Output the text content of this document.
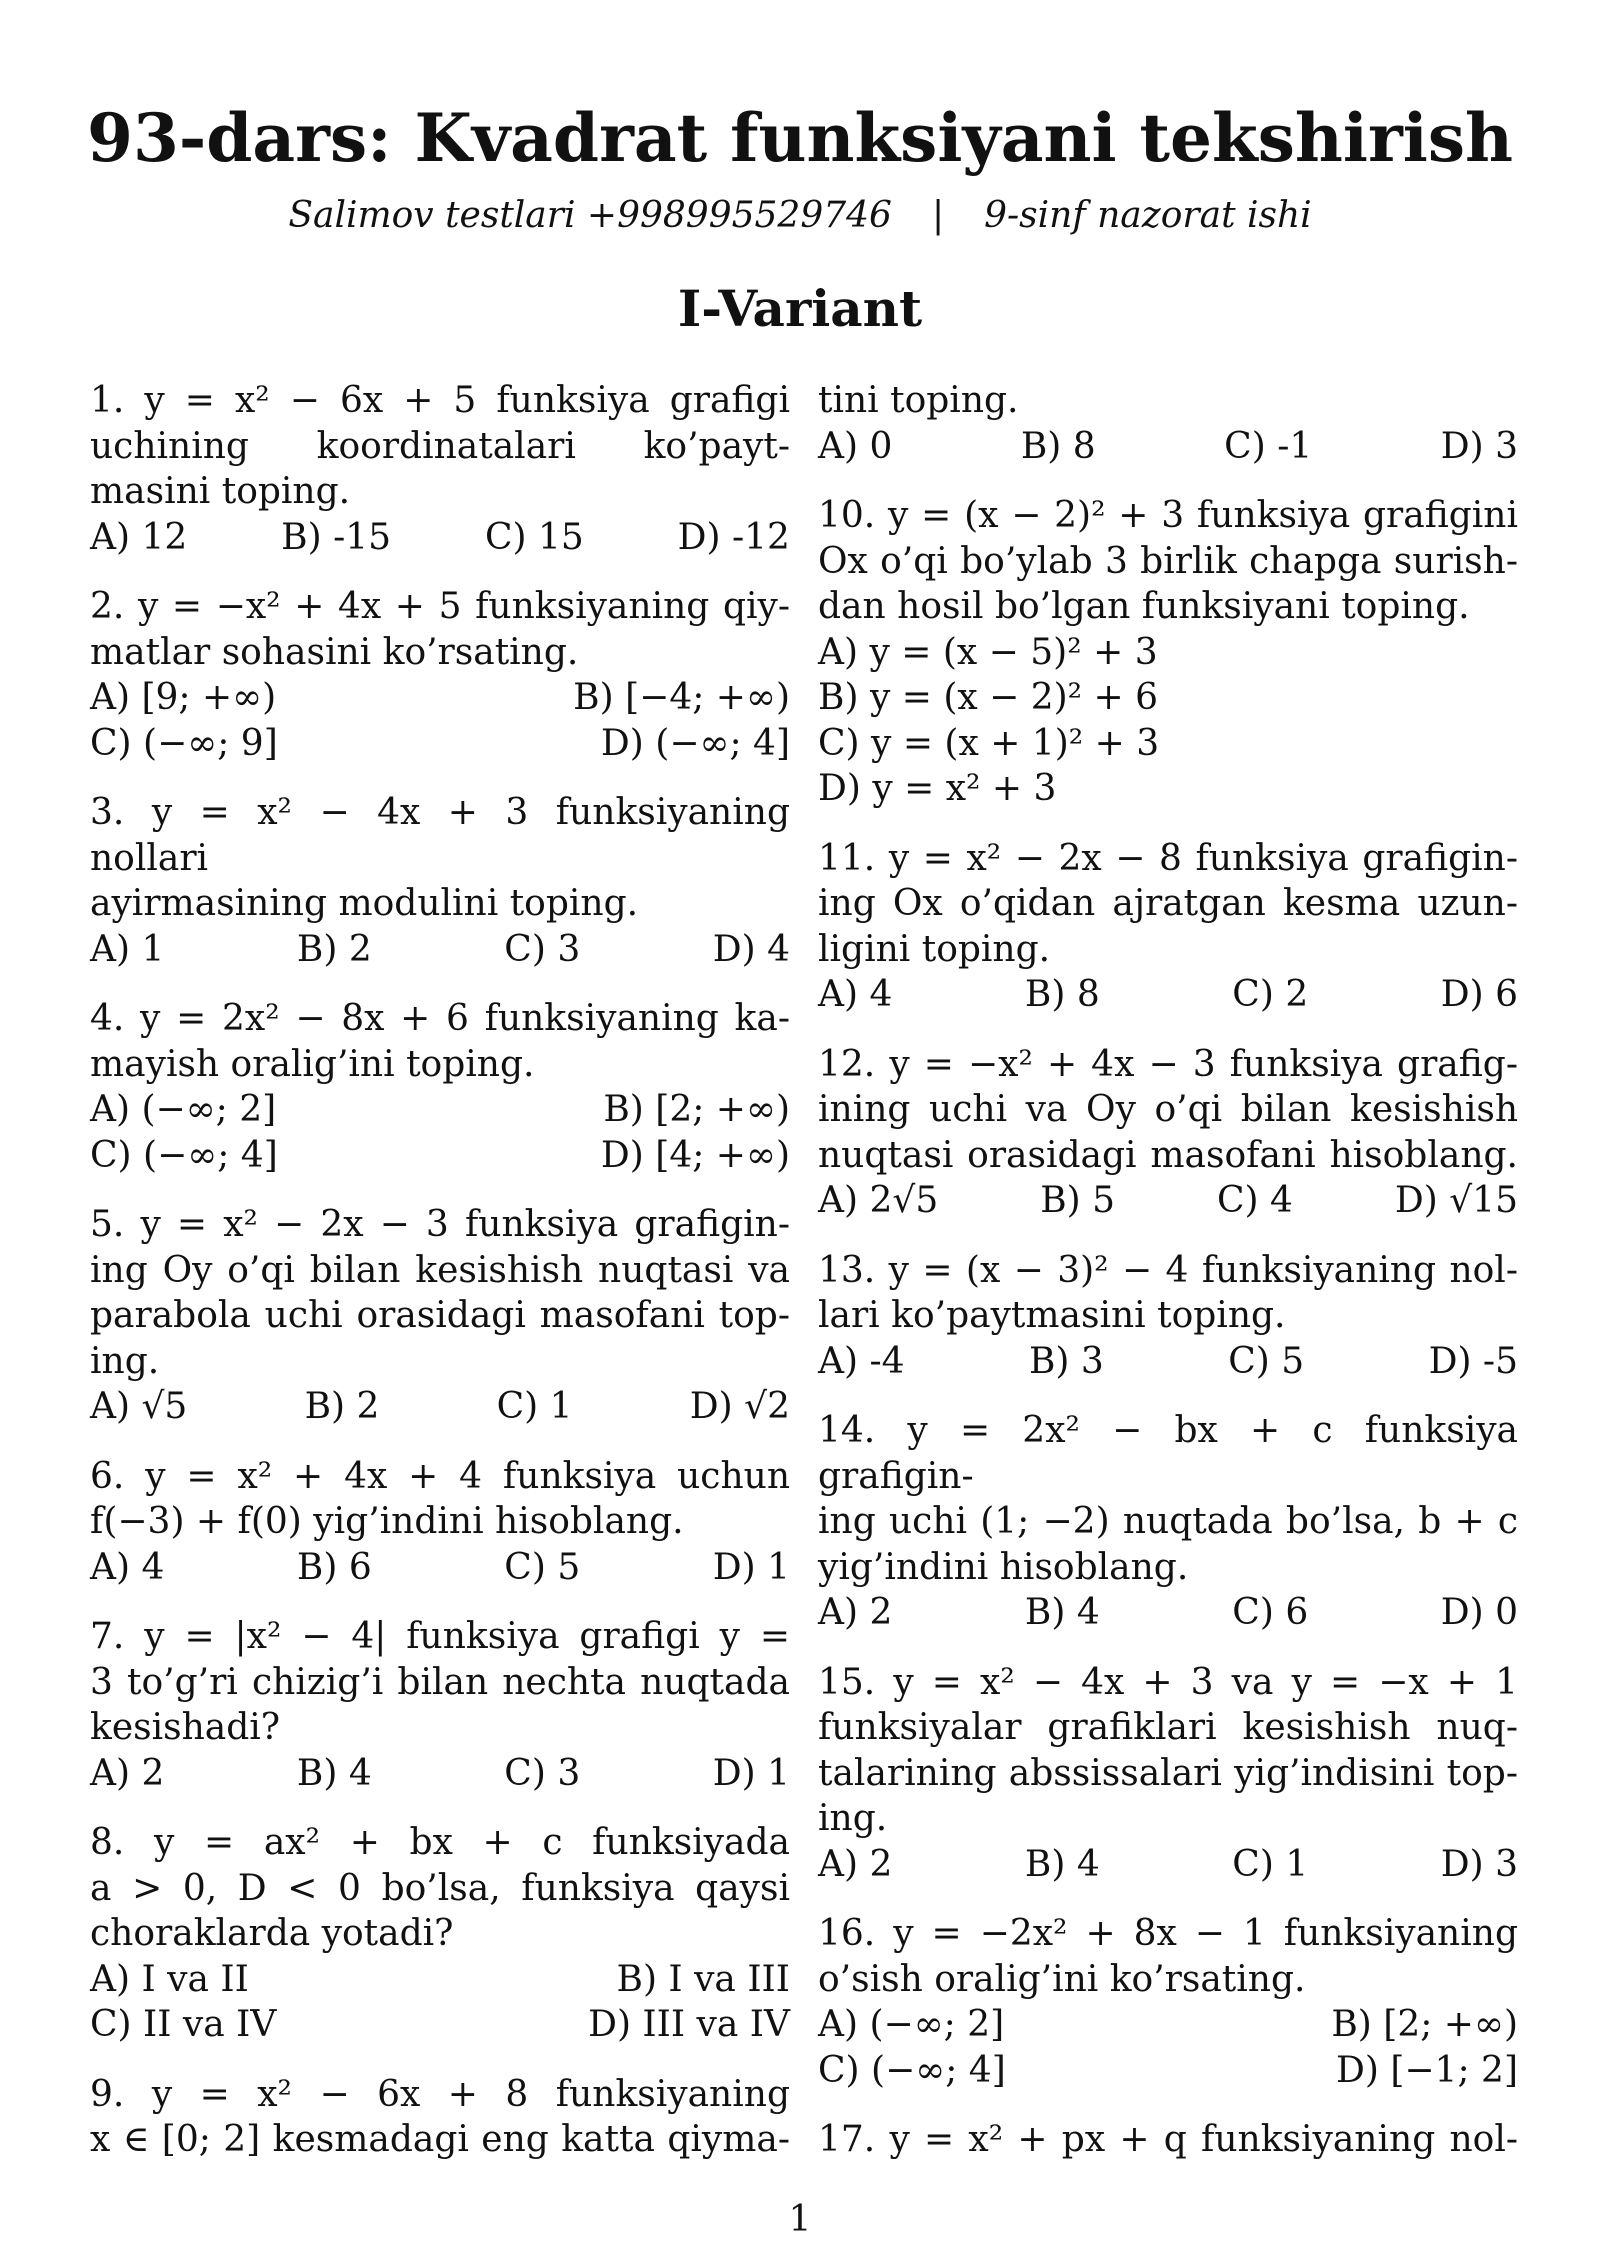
93-dars: Kvadrat funksiyani tekshirish
Salimov testlari +998995529746 | 9-sinf nazorat ishi
I-Variant
1. y = x² − 6x + 5 funksiya grafigi
uchining koordinatalari ko’payt-
masini toping.
A) 12	B) -15	C) 15	D) -12
2. y = −x² + 4x + 5 funksiyaning qiy-
matlar sohasini ko’rsating.
A) [9; +∞)	B) [−4; +∞)
C) (−∞; 9]	D) (−∞; 4]
3. y = x² − 4x + 3 funksiyaning nollari
ayirmasining modulini toping.
A) 1	B) 2	C) 3	D) 4
4. y = 2x² − 8x + 6 funksiyaning ka-
mayish oralig’ini toping.
A) (−∞; 2]	B) [2; +∞)
C) (−∞; 4]	D) [4; +∞)
5. y = x² − 2x − 3 funksiya grafigin-
ing Oy o’qi bilan kesishish nuqtasi va
parabola uchi orasidagi masofani top-
ing.
A) √5	B) 2	C) 1	D) √2
6. y = x² + 4x + 4 funksiya uchun
f(−3) + f(0) yig’indini hisoblang.
A) 4	B) 6	C) 5	D) 1
7. y = |x² − 4| funksiya grafigi y =
3 to’g’ri chizig’i bilan nechta nuqtada
kesishadi?
A) 2	B) 4	C) 3	D) 1
8. y = ax² + bx + c funksiyada
a > 0, D < 0 bo’lsa, funksiya qaysi
choraklarda yotadi?
A) I va II	B) I va III
C) II va IV	D) III va IV
9. y = x² − 6x + 8 funksiyaning
x ∈ [0; 2] kesmadagi eng katta qiyma-
tini toping.
A) 0	B) 8	C) -1	D) 3
10. y = (x − 2)² + 3 funksiya grafigini
Ox o’qi bo’ylab 3 birlik chapga surish-
dan hosil bo’lgan funksiyani toping.
A) y = (x − 5)² + 3
B) y = (x − 2)² + 6
C) y = (x + 1)² + 3
D) y = x² + 3
11. y = x² − 2x − 8 funksiya grafigin-
ing Ox o’qidan ajratgan kesma uzun-
ligini toping.
A) 4	B) 8	C) 2	D) 6
12. y = −x² + 4x − 3 funksiya grafig-
ining uchi va Oy o’qi bilan kesishish
nuqtasi orasidagi masofani hisoblang.
A) 2√5	B) 5	C) 4	D) √15
13. y = (x − 3)² − 4 funksiyaning nol-
lari ko’paytmasini toping.
A) -4	B) 3	C) 5	D) -5
14. y = 2x² − bx + c funksiya grafigin-
ing uchi (1; −2) nuqtada bo’lsa, b + c
yig’indini hisoblang.
A) 2	B) 4	C) 6	D) 0
15. y = x² − 4x + 3 va y = −x + 1
funksiyalar grafiklari kesishish nuq-
talarining abssissalari yig’indisini top-
ing.
A) 2	B) 4	C) 1	D) 3
16. y = −2x² + 8x − 1 funksiyaning
o’sish oralig’ini ko’rsating.
A) (−∞; 2]	B) [2; +∞)
C) (−∞; 4]	D) [−1; 2]
17. y = x² + px + q funksiyaning nol-
1
